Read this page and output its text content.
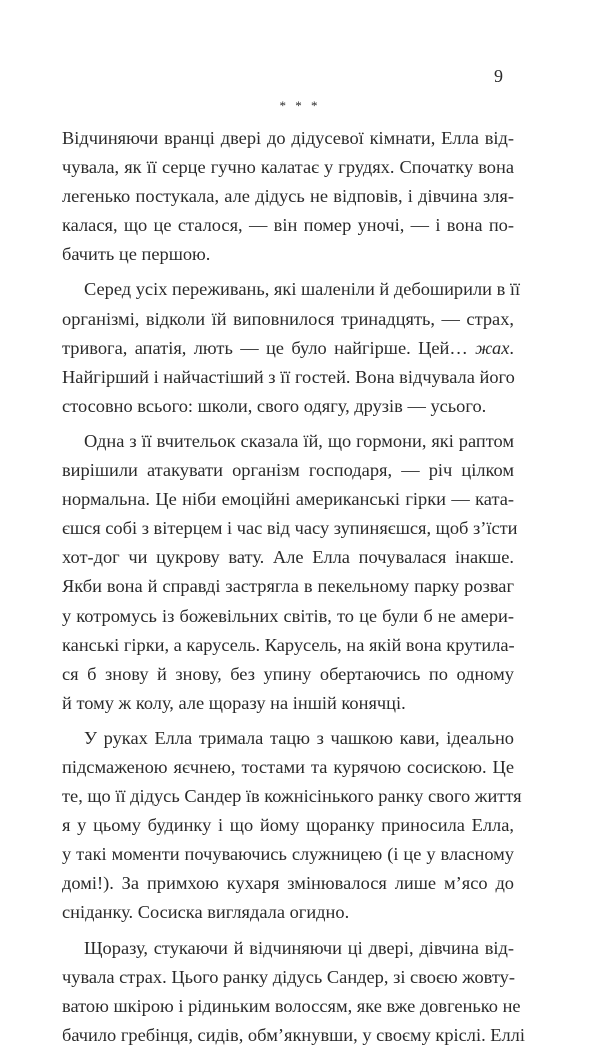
9
* * *
Відчиняючи вранці двері до дідусевої кімнати, Елла від-
чувала, як її серце гучно калатає у грудях. Спочатку вона
легенько постукала, але дідусь не відповів, і дівчина зля-
калася, що це сталося, — він помер уночі, — і вона по-
бачить це першою.
Серед усіх переживань, які шаленіли й дебоширили в її
організмі, відколи їй виповнилося тринадцять, — страх,
тривога, апатія, лють — це було найгірше. Цей… жах.
Найгірший і найчастіший з її гостей. Вона відчувала його
стосовно всього: школи, свого одягу, друзів — усього.
Одна з її вчительок сказала їй, що гормони, які раптом
вирішили атакувати організм господаря, — річ цілком
нормальна. Це ніби емоційні американські гірки — ката-
єшся собі з вітерцем і час від часу зупиняєшся, щоб з’їсти
хот-дог чи цукрову вату. Але Елла почувалася інакше.
Якби вона й справді застрягла в пекельному парку розваг
у котромусь із божевільних світів, то це були б не амери-
канські гірки, а карусель. Карусель, на якій вона крутила-
ся б знову й знову, без упину обертаючись по одному
й тому ж колу, але щоразу на іншій конячці.
У руках Елла тримала тацю з чашкою кави, ідеально
підсмаженою яєчнею, тостами та курячою сосискою. Це
те, що її дідусь Сандер їв кожнісінького ранку свого життя
я у цьому будинку і що йому щоранку приносила Елла,
у такі моменти почуваючись служницею (і це у власному
домі!). За примхою кухаря змінювалося лише м’ясо до
сніданку. Сосиска виглядала огидно.
Щоразу, стукаючи й відчиняючи ці двері, дівчина від-
чувала страх. Цього ранку дідусь Сандер, зі своєю жовту-
ватою шкірою і рідиньким волоссям, яке вже довгенько не
бачило гребінця, сидів, обм’якнувши, у своєму кріслі. Еллі
